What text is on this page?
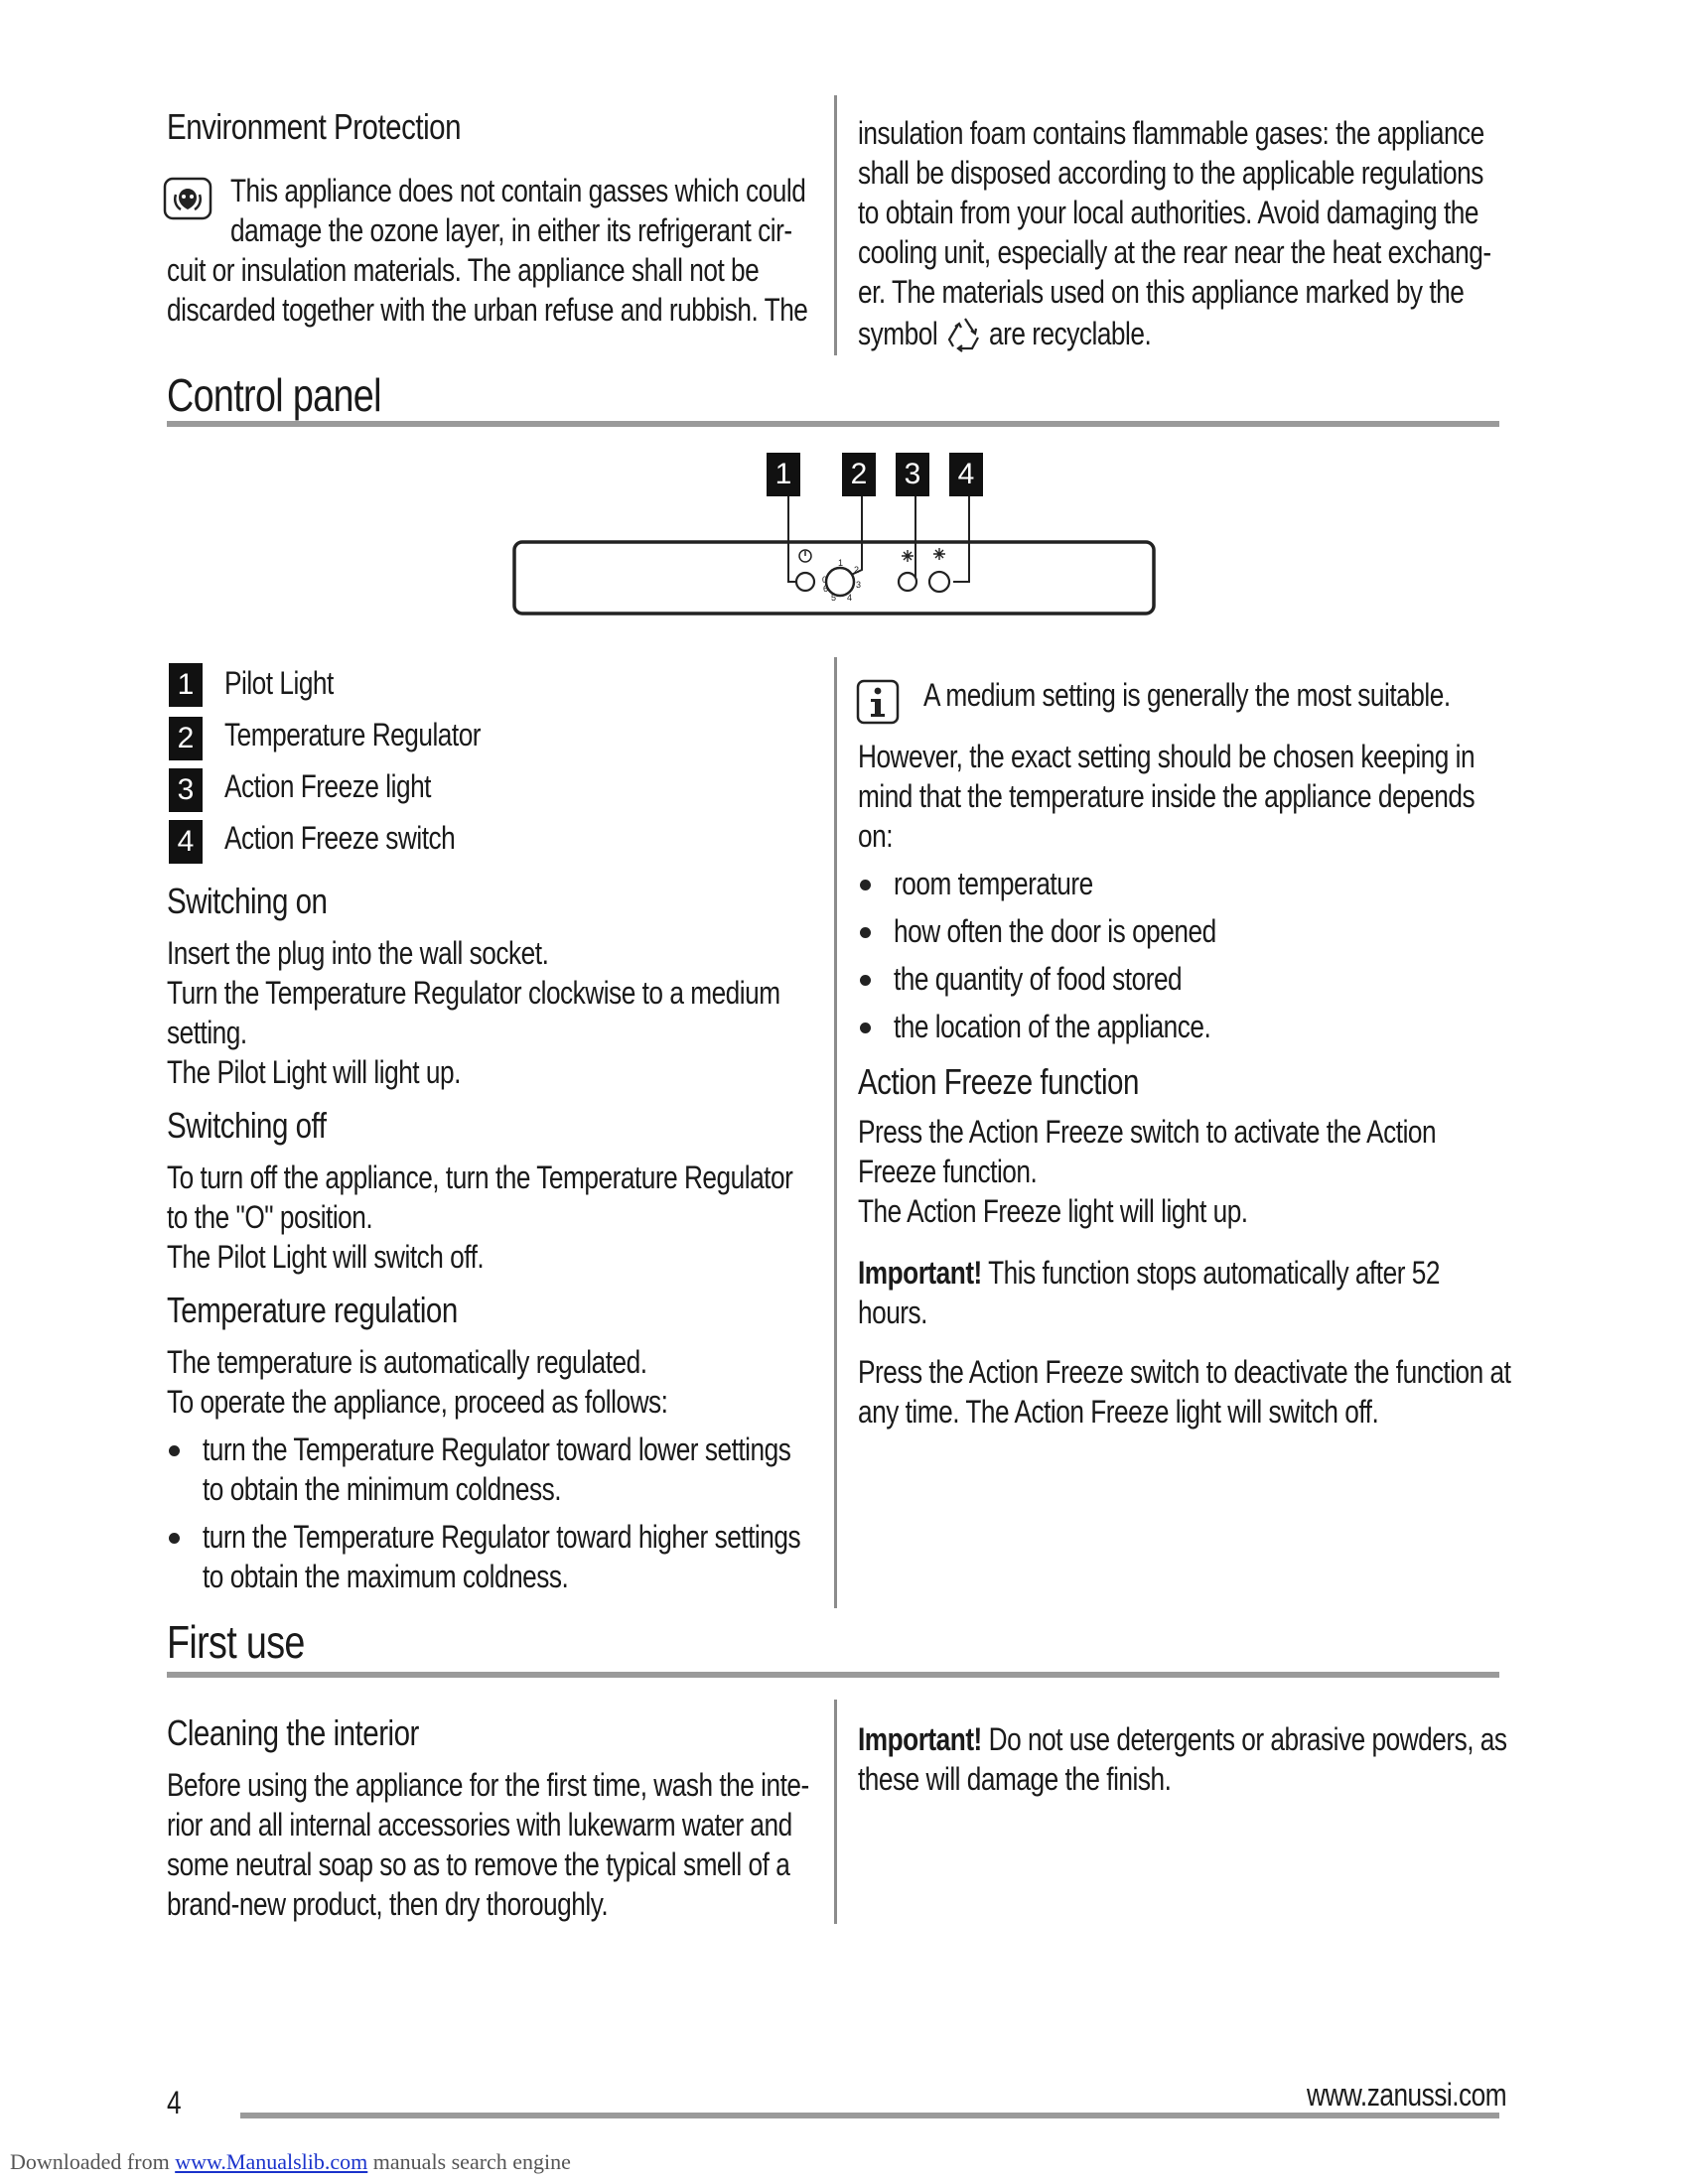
Environment Protection
This appliance does not contain gasses which could
damage the ozone layer, in either its refrigerant cir-
cuit or insulation materials. The appliance shall not be
discarded together with the urban refuse and rubbish. The
insulation foam contains flammable gases: the appliance
shall be disposed according to the applicable regulations
to obtain from your local authorities. Avoid damaging the
cooling unit, especially at the rear near the heat exchang-
er. The materials used on this appliance marked by the
symbol are recyclable.
Control panel
1 2 3 4
0
1
2
3
4
5
6
1 Pilot Light
2 Temperature Regulator
3 Action Freeze light
4 Action Freeze switch
Switching on
Insert the plug into the wall socket.
Turn the Temperature Regulator clockwise to a medium
setting.
The Pilot Light will light up.
Switching off
To turn off the appliance, turn the Temperature Regulator
to the "O" position.
The Pilot Light will switch off.
Temperature regulation
The temperature is automatically regulated.
To operate the appliance, proceed as follows:
turn the Temperature Regulator toward lower settings
to obtain the minimum coldness.
turn the Temperature Regulator toward higher settings
to obtain the maximum coldness.
A medium setting is generally the most suitable.
However, the exact setting should be chosen keeping in
mind that the temperature inside the appliance depends
on:
room temperature
how often the door is opened
the quantity of food stored
the location of the appliance.
Action Freeze function
Press the Action Freeze switch to activate the Action
Freeze function.
The Action Freeze light will light up.
Important! This function stops automatically after 52
hours.
Press the Action Freeze switch to deactivate the function at
any time. The Action Freeze light will switch off.
First use
Cleaning the interior
Before using the appliance for the first time, wash the inte-
rior and all internal accessories with lukewarm water and
some neutral soap so as to remove the typical smell of a
brand-new product, then dry thoroughly.
Important! Do not use detergents or abrasive powders, as
these will damage the finish.
4	www.zanussi.com
Downloaded from www.Manualslib.com manuals search engine
